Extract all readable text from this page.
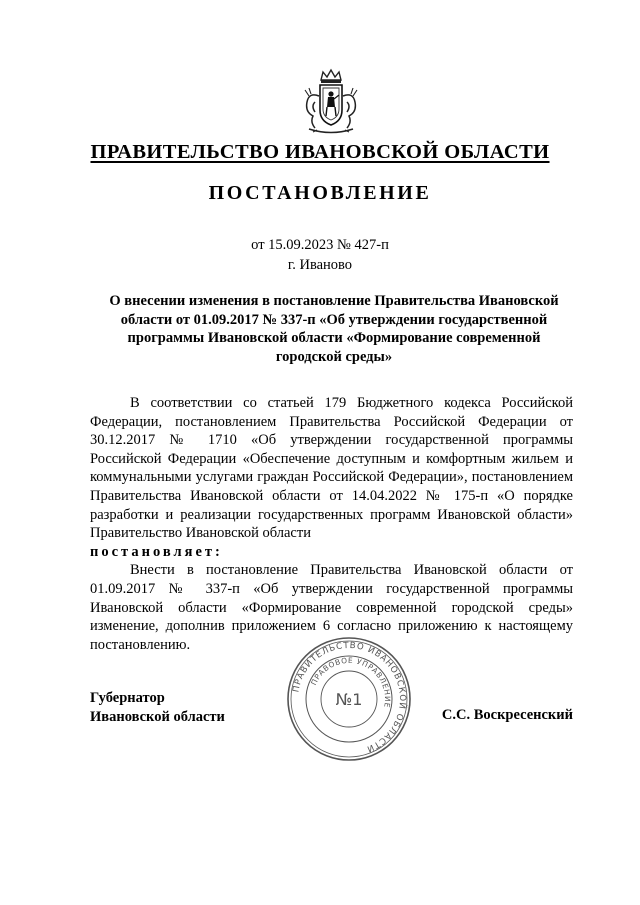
ПРАВИТЕЛЬСТВО ИВАНОВСКОЙ ОБЛАСТИ
ПОСТАНОВЛЕНИЕ
от 15.09.2023 № 427-п
г. Иваново
О внесении изменения в постановление Правительства Ивановской области от 01.09.2017 № 337-п «Об утверждении государственной программы Ивановской области «Формирование современной городской среды»

В соответствии со статьей 179 Бюджетного кодекса Российской Федерации, постановлением Правительства Российской Федерации от 30.12.2017 № 1710 «Об утверждении государственной программы Российской Федерации «Обеспечение доступным и комфортным жильем и коммунальными услугами граждан Российской Федерации», постановлением Правительства Ивановской области от 14.04.2022 № 175-п «О порядке разработки и реализации государственных программ Ивановской области» Правительство Ивановской области

постановляет:

Внести в постановление Правительства Ивановской области от 01.09.2017 № 337-п «Об утверждении государственной программы Ивановской области «Формирование современной городской среды» изменение, дополнив приложением 6 согласно приложению к настоящему постановлению.

Губернатор
Ивановской области	С.С. Воскресенский
ПРАВИТЕЛЬСТВО ИВАНОВСКОЙ ОБЛАСТИ
ПРАВОВОЕ УПРАВЛЕНИЕ
№1
